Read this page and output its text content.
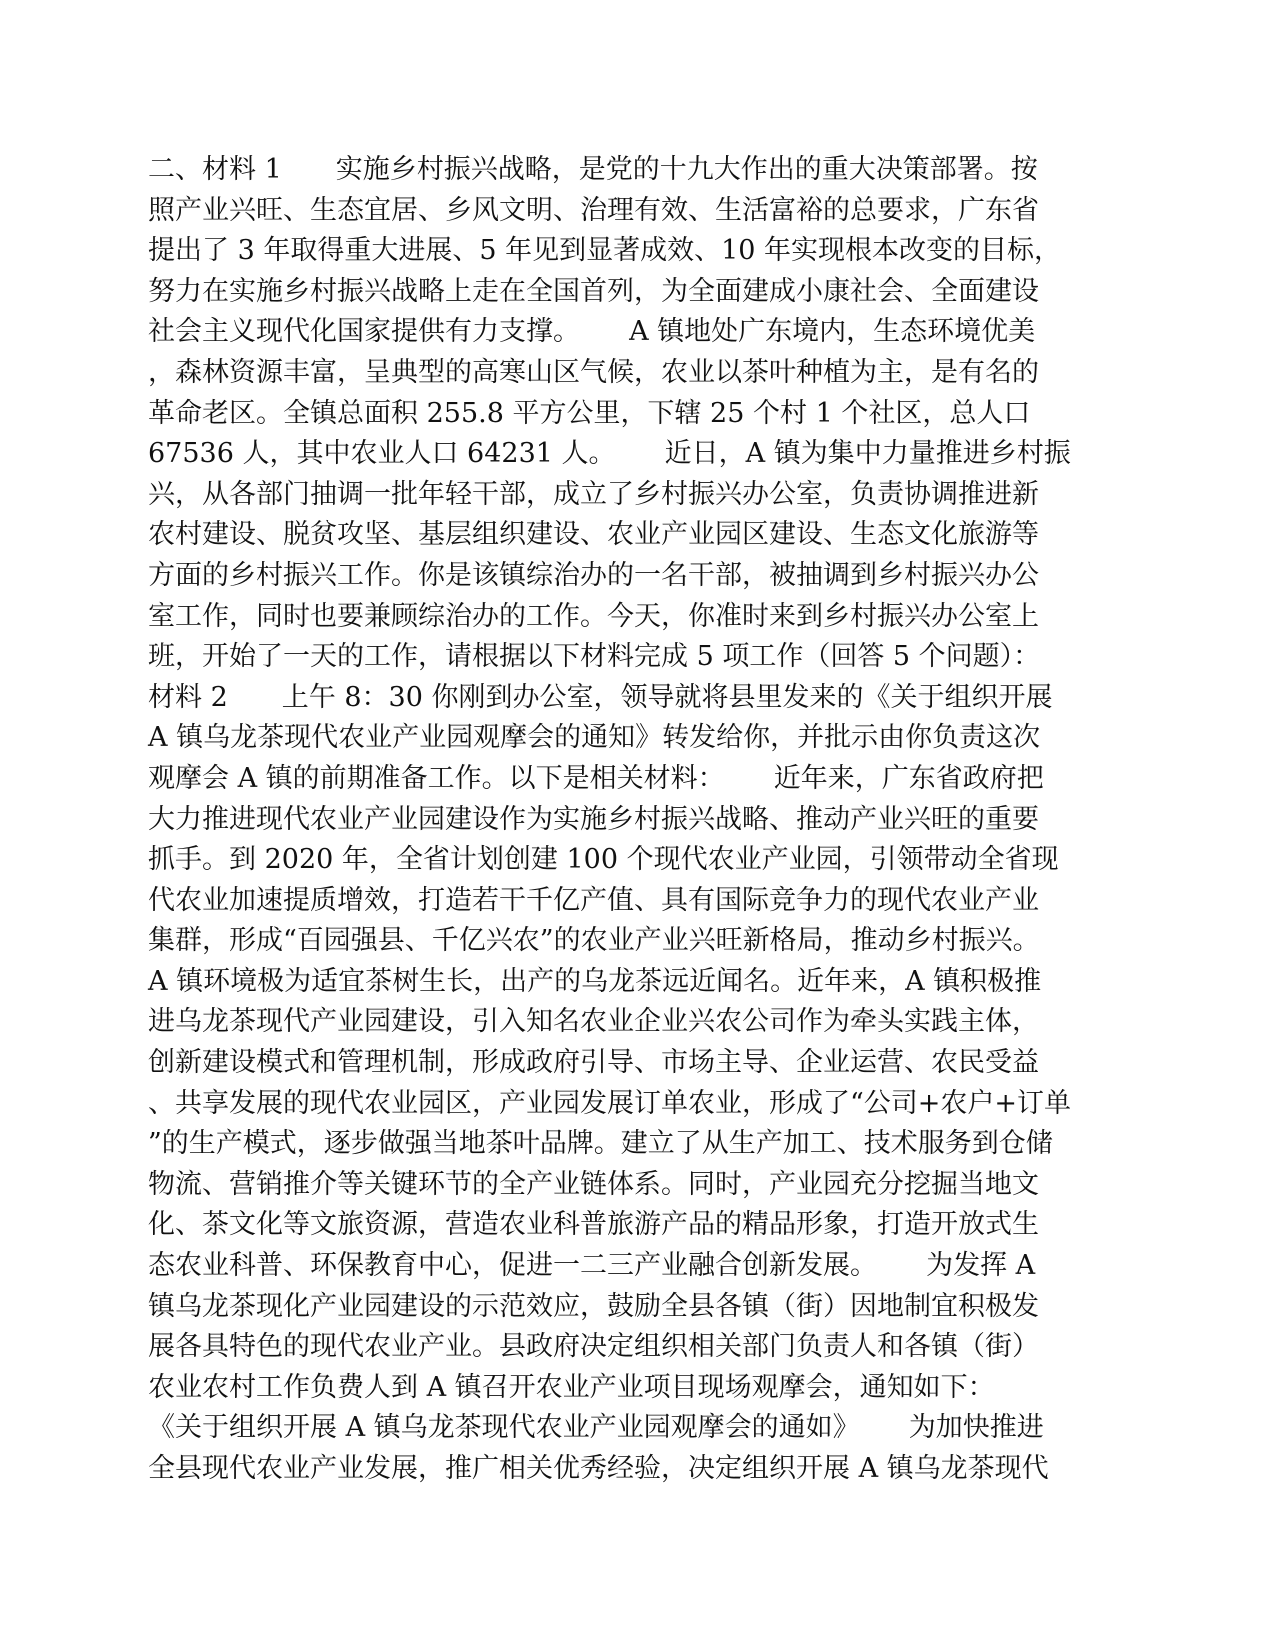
二、材料 1　　实施乡村振兴战略，是党的十九大作出的重大决策部署。按
照产业兴旺、生态宜居、乡风文明、治理有效、生活富裕的总要求，广东省
提出了 3 年取得重大进展、5 年见到显著成效、10 年实现根本改变的目标，
努力在实施乡村振兴战略上走在全国首列，为全面建成小康社会、全面建设
社会主义现代化国家提供有力支撑。　　 A 镇地处广东境内，生态环境优美
，森林资源丰富，呈典型的高寒山区气候，农业以茶叶种植为主，是有名的
革命老区。全镇总面积 255.8 平方公里，下辖 25 个村 1 个社区，总人口
67536 人，其中农业人口 64231 人。　　 近日，A 镇为集中力量推进乡村振
兴，从各部门抽调一批年轻干部，成立了乡村振兴办公室，负责协调推进新
农村建设、脱贫攻坚、基层组织建设、农业产业园区建设、生态文化旅游等
方面的乡村振兴工作。你是该镇综治办的一名干部，被抽调到乡村振兴办公
室工作，同时也要兼顾综治办的工作。今天，你准时来到乡村振兴办公室上
班，开始了一天的工作，请根据以下材料完成 5 项工作（回答 5 个问题）：
材料 2　　上午 8：30 你刚到办公室，领导就将县里发来的《关于组织开展
A 镇乌龙茶现代农业产业园观摩会的通知》转发给你，并批示由你负责这次
观摩会 A 镇的前期准备工作。以下是相关材料：　　 近年来，广东省政府把
大力推进现代农业产业园建设作为实施乡村振兴战略、推动产业兴旺的重要
抓手。到 2020 年，全省计划创建 100 个现代农业产业园，引领带动全省现
代农业加速提质增效，打造若干千亿产值、具有国际竞争力的现代农业产业
集群，形成“百园强县、千亿兴农”的农业产业兴旺新格局，推动乡村振兴。
A 镇环境极为适宜茶树生长，出产的乌龙茶远近闻名。近年来，A 镇积极推
进乌龙茶现代产业园建设，引入知名农业企业兴农公司作为牵头实践主体，
创新建设模式和管理机制，形成政府引导、市场主导、企业运营、农民受益
、共享发展的现代农业园区，产业园发展订单农业，形成了“公司+农户+订单
”的生产模式，逐步做强当地茶叶品牌。建立了从生产加工、技术服务到仓储
物流、营销推介等关键环节的全产业链体系。同时，产业园充分挖掘当地文
化、茶文化等文旅资源，营造农业科普旅游产品的精品形象，打造开放式生
态农业科普、环保教育中心，促进一二三产业融合创新发展。　　 为发挥 A
镇乌龙茶现化产业园建设的示范效应，鼓励全县各镇（街）因地制宜积极发
展各具特色的现代农业产业。县政府决定组织相关部门负责人和各镇（街）
农业农村工作负费人到 A 镇召开农业产业项目现场观摩会，通知如下：
《关于组织开展 A 镇乌龙茶现代农业产业园观摩会的通如》　　 为加快推进
全县现代农业产业发展，推广相关优秀经验，决定组织开展 A 镇乌龙茶现代
